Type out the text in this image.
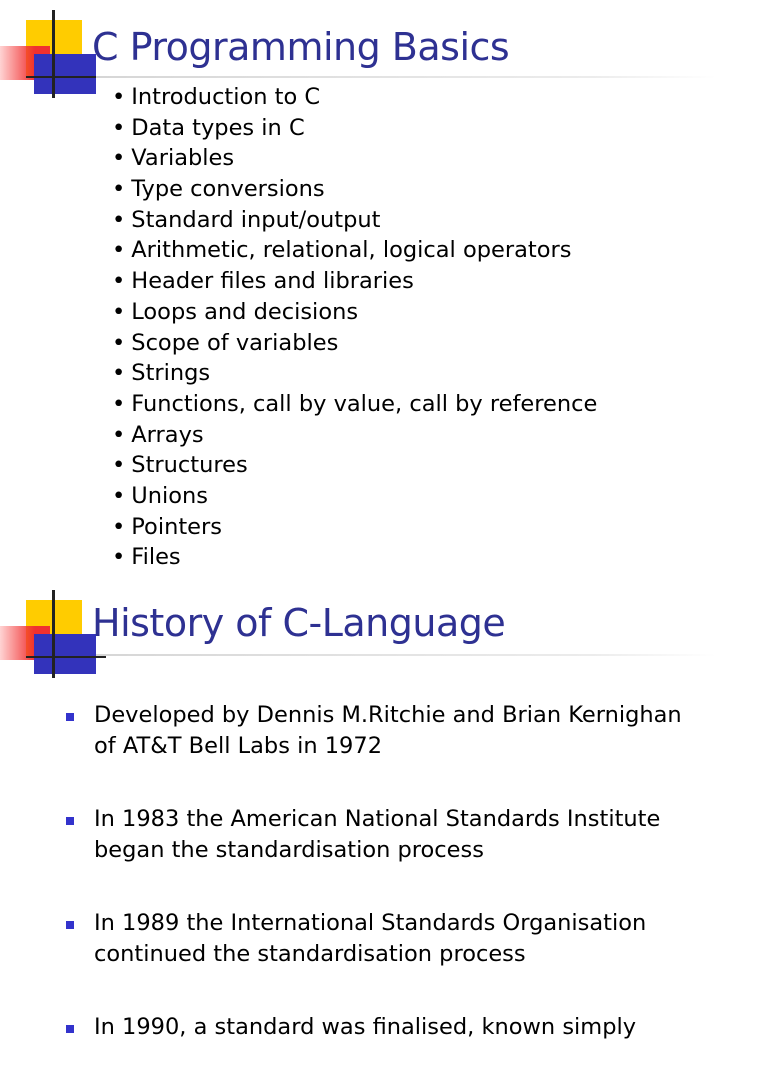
C Programming Basics
• Introduction to C
• Data types in C
• Variables
• Type conversions
• Standard input/output
• Arithmetic, relational, logical operators
• Header files and libraries
• Loops and decisions
• Scope of variables
• Strings
• Functions, call by value, call by reference
• Arrays
• Structures
• Unions
• Pointers
• Files
History of C-Language
Developed by Dennis M.Ritchie and Brian Kernighan
of AT&T Bell Labs in 1972
In 1983 the American National Standards Institute
began the standardisation process
In 1989 the International Standards Organisation
continued the standardisation process
In 1990, a standard was finalised, known simply
